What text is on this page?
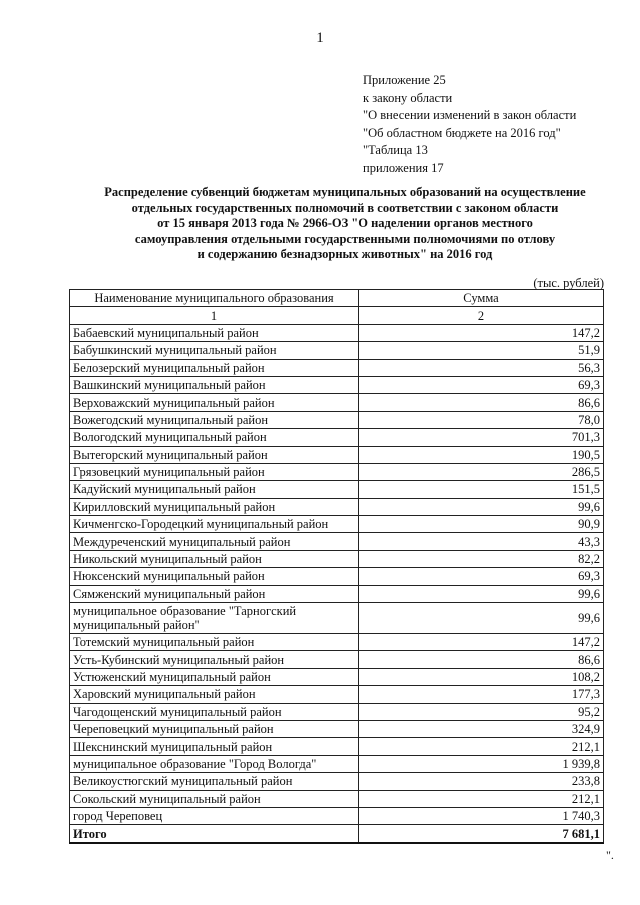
1
Приложение 25
к закону области
"О внесении изменений в закон области
"Об областном бюджете на 2016 год"
"Таблица 13
приложения 17
Распределение субвенций бюджетам муниципальных образований на осуществление
отдельных государственных полномочий в соответствии с законом области
от 15 января 2013 года № 2966-ОЗ "О наделении органов местного
самоуправления отдельными государственными полномочиями по отлову
и содержанию безнадзорных животных" на 2016 год
(тыс. рублей)
Наименование муниципального образования	Сумма
1	2
Бабаевский муниципальный район	147,2
Бабушкинский муниципальный район	51,9
Белозерский муниципальный район	56,3
Вашкинский муниципальный район	69,3
Верховажский муниципальный район	86,6
Вожегодский муниципальный район	78,0
Вологодский муниципальный район	701,3
Вытегорский муниципальный район	190,5
Грязовецкий муниципальный район	286,5
Кадуйский муниципальный район	151,5
Кирилловский муниципальный район	99,6
Кичменгско-Городецкий муниципальный район	90,9
Междуреченский муниципальный район	43,3
Никольский муниципальный район	82,2
Нюксенский муниципальный район	69,3
Сямженский муниципальный район	99,6
муниципальное образование "Тарногский муниципальный район"	99,6
Тотемский муниципальный район	147,2
Усть-Кубинский муниципальный район	86,6
Устюженский муниципальный район	108,2
Харовский муниципальный район	177,3
Чагодощенский муниципальный район	95,2
Череповецкий муниципальный район	324,9
Шекснинский муниципальный район	212,1
муниципальное образование "Город Вологда"	1 939,8
Великоустюгский муниципальный район	233,8
Сокольский муниципальный район	212,1
город Череповец	1 740,3
Итого	7 681,1
".
